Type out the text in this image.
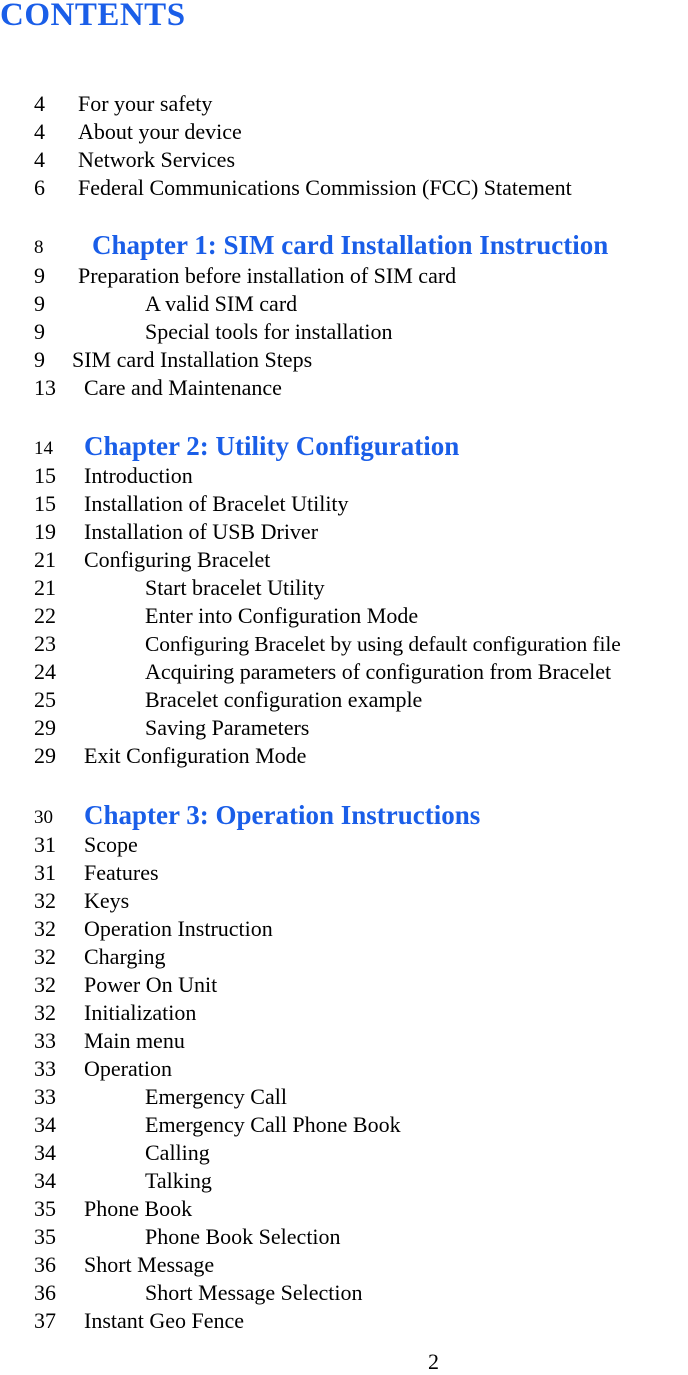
CONTENTS
4 For your safety
4 About your device
4 Network Services
6 Federal Communications Commission (FCC) Statement
8 Chapter 1: SIM card Installation Instruction
9 Preparation before installation of SIM card
9	A valid SIM card
9	Special tools for installation
9 SIM card Installation Steps
13 Care and Maintenance
14 Chapter 2: Utility Configuration
15 Introduction
15 Installation of Bracelet Utility
19 Installation of USB Driver
21 Configuring Bracelet
21	Start bracelet Utility
22	Enter into Configuration Mode
23	Configuring Bracelet by using default configuration file
24	Acquiring parameters of configuration from Bracelet
25	Bracelet configuration example
29	Saving Parameters
29 Exit Configuration Mode
30 Chapter 3: Operation Instructions
31 Scope
31 Features
32 Keys
32 Operation Instruction
32 Charging
32 Power On Unit
32 Initialization
33 Main menu
33 Operation
33	Emergency Call
34	Emergency Call Phone Book
34	Calling
34	Talking
35 Phone Book
35	Phone Book Selection
36 Short Message
36	Short Message Selection
37 Instant Geo Fence
2
